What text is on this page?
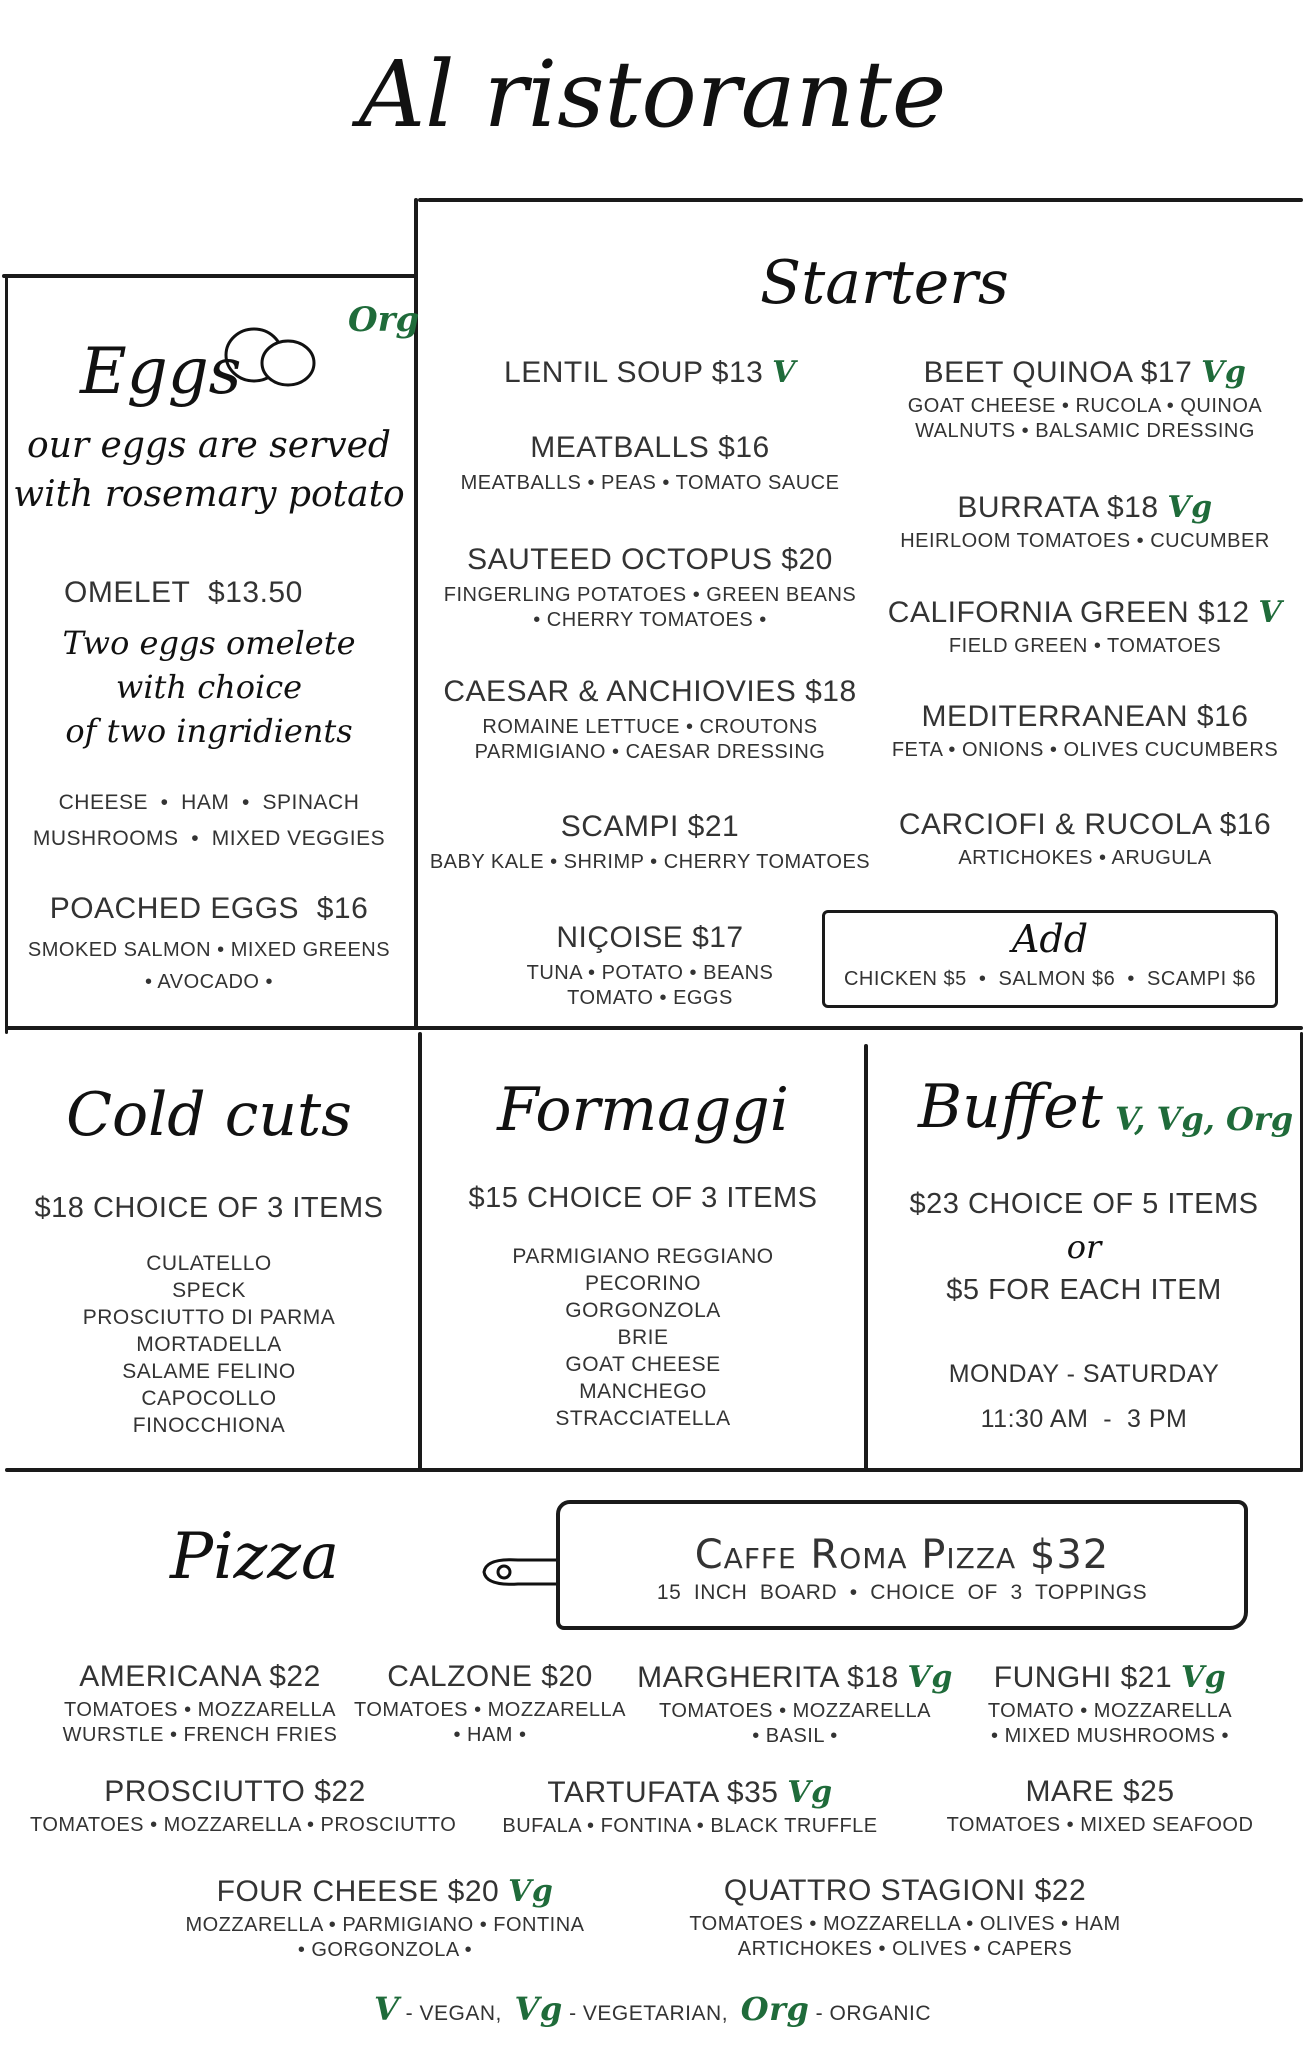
Al ristorante
Eggs
Org
our eggs are served
with rosemary potato
OMELET $13.50
Two eggs omelete
with choice
of two ingridients
CHEESE  •  HAM  •  SPINACH
MUSHROOMS  •  MIXED VEGGIES
POACHED EGGS $16
SMOKED SALMON • MIXED GREENS
• AVOCADO •
Starters
LENTIL SOUP $13 V
MEATBALLS $16
MEATBALLS • PEAS • TOMATO SAUCE
SAUTEED OCTOPUS $20
FINGERLING POTATOES • GREEN BEANS
• CHERRY TOMATOES •
CAESAR & ANCHIOVIES $18
ROMAINE LETTUCE • CROUTONS
PARMIGIANO • CAESAR DRESSING
SCAMPI $21
BABY KALE • SHRIMP • CHERRY TOMATOES
NIÇOISE $17
TUNA • POTATO • BEANS
TOMATO • EGGS
BEET QUINOA $17 Vg
GOAT CHEESE • RUCOLA • QUINOA
WALNUTS • BALSAMIC DRESSING
BURRATA $18 Vg
HEIRLOOM TOMATOES • CUCUMBER
CALIFORNIA GREEN $12 V
FIELD GREEN • TOMATOES
MEDITERRANEAN $16
FETA • ONIONS • OLIVES CUCUMBERS
CARCIOFI & RUCOLA $16
ARTICHOKES • ARUGULA
Add
CHICKEN $5  •  SALMON $6  •  SCAMPI $6
Cold cuts
$18 CHOICE OF 3 ITEMS
CULATELLO
SPECK
PROSCIUTTO DI PARMA
MORTADELLA
SALAME FELINO
CAPOCOLLO
FINOCCHIONA
Formaggi
$15 CHOICE OF 3 ITEMS
PARMIGIANO REGGIANO
PECORINO
GORGONZOLA
BRIE
GOAT CHEESE
MANCHEGO
STRACCIATELLA
Buffet V, Vg, Org
$23 CHOICE OF 5 ITEMS
or
$5 FOR EACH ITEM
MONDAY - SATURDAY
11:30 AM  -  3 PM
Pizza	Caffe Roma Pizza $32
15  INCH  BOARD  •  CHOICE  OF  3  TOPPINGS
AMERICANA $22
TOMATOES • MOZZARELLA
WURSTLE • FRENCH FRIES
CALZONE $20
TOMATOES • MOZZARELLA
• HAM •
MARGHERITA $18 Vg
TOMATOES • MOZZARELLA
• BASIL •
FUNGHI $21 Vg
TOMATO • MOZZARELLA
• MIXED MUSHROOMS •
PROSCIUTTO $22
TOMATOES • MOZZARELLA • PROSCIUTTO
TARTUFATA $35 Vg
BUFALA • FONTINA • BLACK TRUFFLE
MARE $25
TOMATOES • MIXED SEAFOOD
FOUR CHEESE $20 Vg
MOZZARELLA • PARMIGIANO • FONTINA
• GORGONZOLA •
QUATTRO STAGIONI $22
TOMATOES • MOZZARELLA • OLIVES • HAM
ARTICHOKES • OLIVES • CAPERS
V - VEGAN, Vg - VEGETARIAN, Org - ORGANIC
